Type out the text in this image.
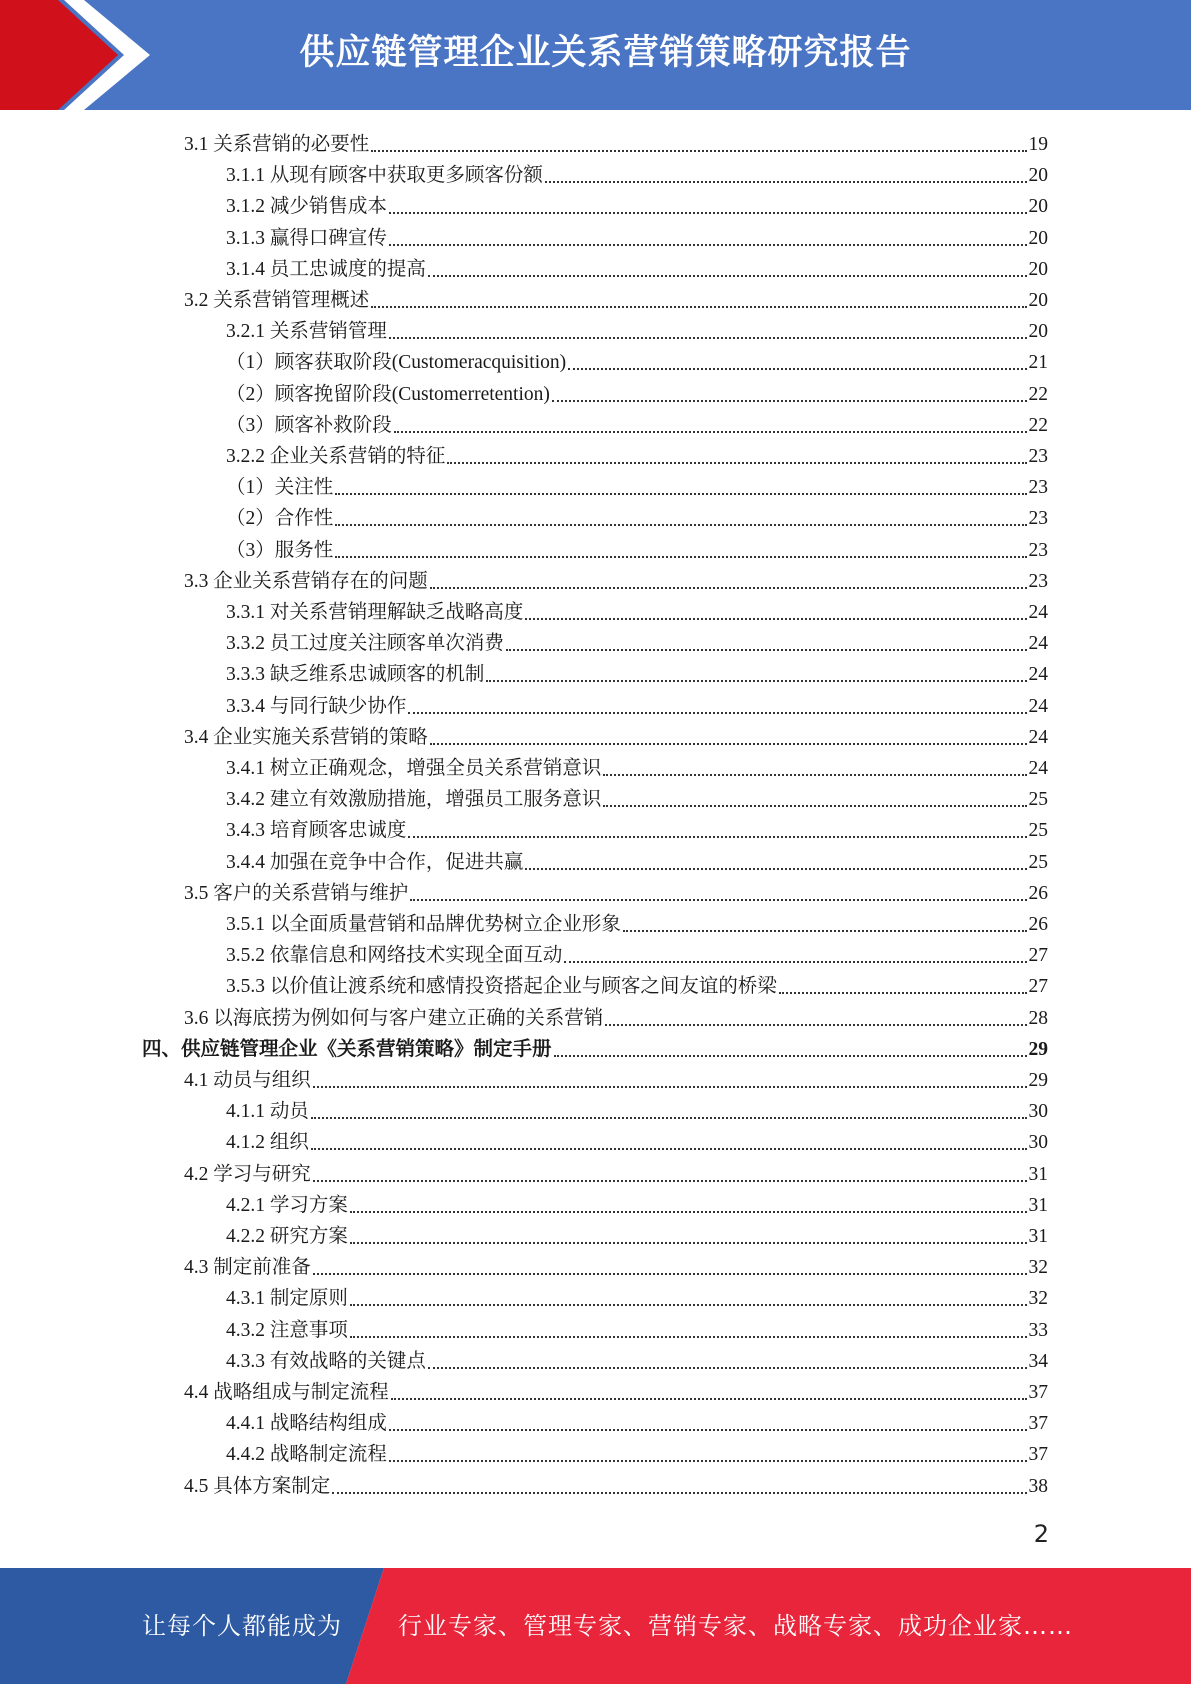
供应链管理企业关系营销策略研究报告
3.1 关系营销的必要性	19
3.1.1 从现有顾客中获取更多顾客份额	20
3.1.2 减少销售成本	20
3.1.3 赢得口碑宣传	20
3.1.4 员工忠诚度的提高	20
3.2 关系营销管理概述	20
3.2.1 关系营销管理	20
（1）顾客获取阶段(Customeracquisition)	21
（2）顾客挽留阶段(Customerretention)	22
（3）顾客补救阶段	22
3.2.2 企业关系营销的特征	23
（1）关注性	23
（2）合作性	23
（3）服务性	23
3.3 企业关系营销存在的问题	23
3.3.1 对关系营销理解缺乏战略高度	24
3.3.2 员工过度关注顾客单次消费	24
3.3.3 缺乏维系忠诚顾客的机制	24
3.3.4 与同行缺少协作	24
3.4 企业实施关系营销的策略	24
3.4.1 树立正确观念，增强全员关系营销意识	24
3.4.2 建立有效激励措施，增强员工服务意识	25
3.4.3 培育顾客忠诚度	25
3.4.4 加强在竞争中合作，促进共赢	25
3.5 客户的关系营销与维护	26
3.5.1 以全面质量营销和品牌优势树立企业形象	26
3.5.2 依靠信息和网络技术实现全面互动	27
3.5.3 以价值让渡系统和感情投资搭起企业与顾客之间友谊的桥梁	27
3.6 以海底捞为例如何与客户建立正确的关系营销	28
四、供应链管理企业《关系营销策略》制定手册	29
4.1 动员与组织	29
4.1.1 动员	30
4.1.2 组织	30
4.2 学习与研究	31
4.2.1 学习方案	31
4.2.2 研究方案	31
4.3 制定前准备	32
4.3.1 制定原则	32
4.3.2 注意事项	33
4.3.3 有效战略的关键点	34
4.4 战略组成与制定流程	37
4.4.1 战略结构组成	37
4.4.2 战略制定流程	37
4.5 具体方案制定	38
2
让每个人都能成为 行业专家、管理专家、营销专家、战略专家、成功企业家……
